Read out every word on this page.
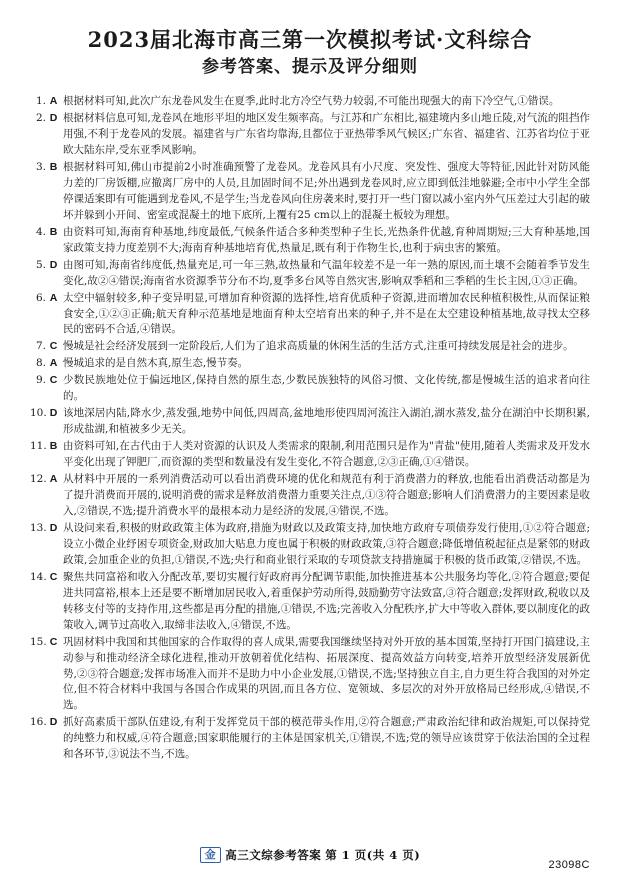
2023届北海市高三第一次模拟考试·文科综合
参考答案、提示及评分细则
1. A 根据材料可知,此次广东龙卷风发生在夏季,此时北方冷空气势力较弱,不可能出现强大的南下冷空气,①错误。
2. D 根据材料信息可知,龙卷风在地形平坦的地区发生频率高。与江苏和广东相比,福建境内多山地丘陵,对气流的阻挡作用强,不利于龙卷风的发展。福建省与广东省均靠海,且都位于亚热带季风气候区;广东省、福建省、江苏省均位于亚欧大陆东岸,受东亚季风影响。
3. B 根据材料可知,佛山市提前2小时准确预警了龙卷风。龙卷风具有小尺度、突发性、强度大等特征,因此针对防风能力差的厂房饭棚,应撤离厂房中的人员,且加固时间不足;外出遇到龙卷风时,应立即到低洼地躲避;全市中小学生全部停课适案即有可能遇到龙卷风,不是学生;当龙卷风向住房袭来时,要打开一些门窗以减小室内外气压差过大引起的破坏并躲到小开间、密室或混凝土的地下底所,上覆有25 cm以上的混凝土板较为理想。
4. B 由资料可知,海南育种基地,纬度最低,气候条件适合多种类型种子生长,光热条件优越,育种周期短;三大育种基地,国家政策支持力度差别不大;海南育种基地培育优,热量足,既有利于作物生长,也利于病虫害的繁殖。
5. D 由图可知,海南省纬度低,热量充足,可一年三熟,故热量和气温年较差不是一年一熟的原因,而土壤不会随着季节发生变化,故②④错误;海南省水资源季节分布不均,夏季多台风等自然灾害,影响双季稻和三季稻的生长主因,①③正确。
6. A 太空中辐射较多,种子变异明显,可增加育种资源的选择性,培育优质种子资源,进而增加农民种植积极性,从而保证粮食安全,①②③正确;航天育种示范基地是地面育种太空培育出来的种子,并不是在太空建设种植基地,故寻找太空移民的密码不合适,④错误。
7. C 慢城是社会经济发展到一定阶段后,人们为了追求高质量的休闲生活的生活方式,注重可持续发展是社会的进步。
8. A 慢城追求的是自然木真,原生态,慢节奏。
9. C 少数民族地处位于偏远地区,保持自然的原生态,少数民族独特的风俗习惯、文化传统,都是慢城生活的追求者向往的。
10. D 该地深居内陆,降水少,蒸发强,地势中间低,四周高,盆地地形使四周河流注入湖泊,湖水蒸发,盐分在湖泊中长期积累,形成盐湖,和植被多少无关。
11. B 由资料可知,在古代由于人类对资源的认识及人类需求的限制,利用范围只是作为"青盐"使用,随着人类需求及开发水平变化出现了钾肥厂,而资源的类型和数量没有发生变化,不符合题意,②③正确,①④错误。
12. A 从材料中开展的一系列消费活动可以看出消费环境的优化和规范有利于消费潜力的释放,也能看出消费活动都是为了提升消费而开展的,说明消费的需求是释放消费潜力重要关注点,①③符合题意;影响人们消费潜力的主要因素是收入,②错误,不选;提升消费水平的最根本动力是经济的发展,④错误,不选。
13. D 从设问来看,积极的财政政策主体为政府,措施为财政以及政策支持,加快地方政府专项债券发行使用,①②符合题意;设立小微企业纾困专项资金,财政加大贴息力度也属于积极的财政政策,③符合题意;降低增值税起征点是紧邻的财政政策,会加重企业的负担,①错误,不选;央行和商业银行采取的专项贷款支持措施属于积极的货币政策,②错误,不选。
14. C 聚焦共同富裕和收入分配改革,要切实履行好政府再分配调节职能,加快推进基本公共服务均等化,②符合题意;要促进共同富裕,根本上还是要不断增加居民收入,着重保护劳动所得,鼓励勤劳守法致富,③符合题意;发挥财政,税收以及转移支付等的支持作用,这些都是再分配的措施,①错误,不选;完善收入分配秩序,扩大中等收入群体,要以制度化的政策收入,调节过高收入,取缔非法收入,④错误,不选。
15. C 巩固材料中我国和其他国家的合作取得的喜人成果,需要我国继续坚持对外开放的基本国策,坚持打开国门搞建设,主动参与和推动经济全球化进程,推动开放朝着优化结构、拓展深度、提高效益方向转变,培养开放型经济发展新优势,②③符合题意;发挥市场准入而并不是助力中小企业发展,①错误,不选;坚持独立自主,自力更生符合我国的对外定位,但不符合材料中我国与各国合作成果的巩固,而且各方位、宽领域、多层次的对外开放格局已经形成,④错误,不选。
16. D 抓好高素质干部队伍建设,有利于发挥党员干部的模范带头作用,②符合题意;严肃政治纪律和政治规矩,可以保持党的纯整力和权威,④符合题意;国家职能履行的主体是国家机关,①错误,不选;党的领导应该贯穿于依法治国的全过程和各环节,③说法不当,不选。
金 高三文综参考答案 第 1 页(共 4 页)
23098C
